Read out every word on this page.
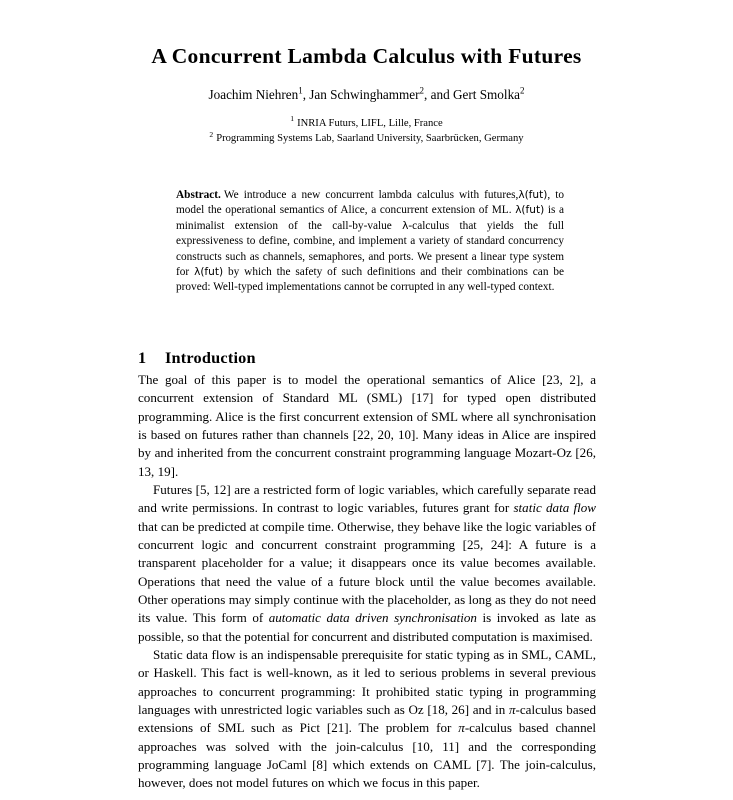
A Concurrent Lambda Calculus with Futures
Joachim Niehren$^1$, Jan Schwinghammer$^2$, and Gert Smolka$^2$
$^1$ INRIA Futurs, LIFL, Lille, France
$^2$ Programming Systems Lab, Saarland University, Saarbrücken, Germany
Abstract. We introduce a new concurrent lambda calculus with futures,λ(fut), to model the operational semantics of Alice, a concurrent extension of ML. λ(fut) is a minimalist extension of the call-by-value λ-calculus that yields the full expressiveness to define, combine, and implement a variety of standard concurrency constructs such as channels, semaphores, and ports. We present a linear type system for λ(fut) by which the safety of such definitions and their combinations can be proved: Well-typed implementations cannot be corrupted in any well-typed context.
1 Introduction

The goal of this paper is to model the operational semantics of Alice [23, 2], a concurrent extension of Standard ML (SML) [17] for typed open distributed programming. Alice is the first concurrent extension of SML where all synchronisation is based on futures rather than channels [22, 20, 10]. Many ideas in Alice are inspired by and inherited from the concurrent constraint programming language Mozart-Oz [26, 13, 19].

Futures [5, 12] are a restricted form of logic variables, which carefully separate read and write permissions. In contrast to logic variables, futures grant for static data flow that can be predicted at compile time. Otherwise, they behave like the logic variables of concurrent logic and concurrent constraint programming [25, 24]: A future is a transparent placeholder for a value; it disappears once its value becomes available. Operations that need the value of a future block until the value becomes available. Other operations may simply continue with the placeholder, as long as they do not need its value. This form of automatic data driven synchronisation is invoked as late as possible, so that the potential for concurrent and distributed computation is maximised.

Static data flow is an indispensable prerequisite for static typing as in SML, CAML, or Haskell. This fact is well-known, as it led to serious problems in several previous approaches to concurrent programming: It prohibited static typing in programming languages with unrestricted logic variables such as Oz [18, 26] and in π-calculus based extensions of SML such as Pict [21]. The problem for π-calculus based channel approaches was solved with the join-calculus [10, 11] and the corresponding programming language JoCaml [8] which extends on CAML [7]. The join-calculus, however, does not model futures on which we focus in this paper.
